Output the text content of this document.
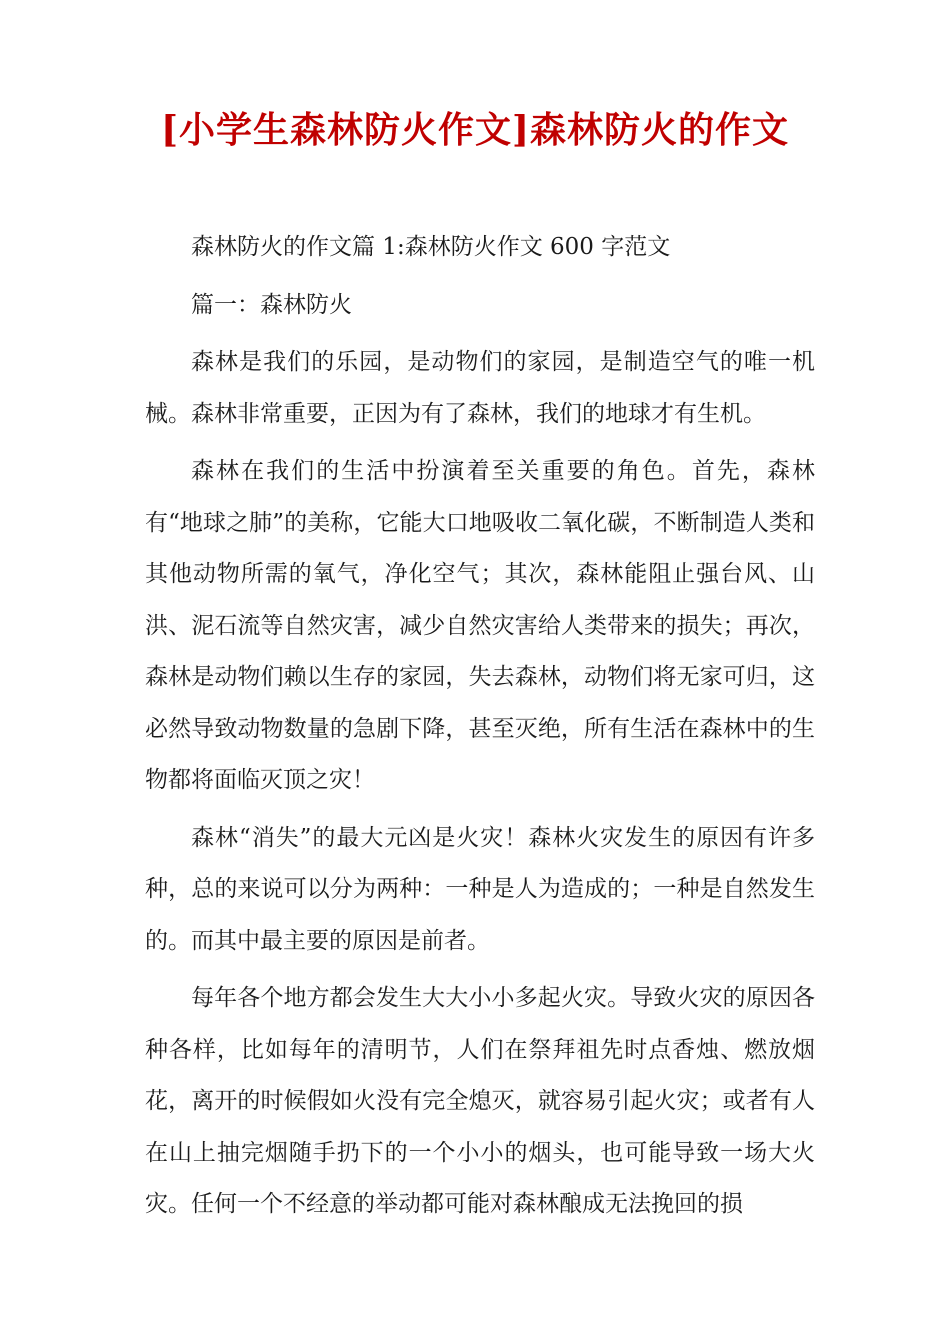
[小学生森林防火作文]森林防火的作文

森林防火的作文篇 1:森林防火作文 600 字范文

篇一：森林防火

森林是我们的乐园，是动物们的家园，是制造空气的唯一机械。森林非常重要，正因为有了森林，我们的地球才有生机。

森林在我们的生活中扮演着至关重要的角色。首先，森林有“地球之肺”的美称，它能大口地吸收二氧化碳，不断制造人类和其他动物所需的氧气，净化空气；其次，森林能阻止强台风、山洪、泥石流等自然灾害，减少自然灾害给人类带来的损失；再次，森林是动物们赖以生存的家园，失去森林，动物们将无家可归，这必然导致动物数量的急剧下降，甚至灭绝，所有生活在森林中的生物都将面临灭顶之灾！

森林“消失”的最大元凶是火灾！森林火灾发生的原因有许多种，总的来说可以分为两种：一种是人为造成的；一种是自然发生的。而其中最主要的原因是前者。

每年各个地方都会发生大大小小多起火灾。导致火灾的原因各种各样，比如每年的清明节，人们在祭拜祖先时点香烛、燃放烟花，离开的时候假如火没有完全熄灭，就容易引起火灾；或者有人在山上抽完烟随手扔下的一个小小的烟头，也可能导致一场大火灾。任何一个不经意的举动都可能对森林酿成无法挽回的损
